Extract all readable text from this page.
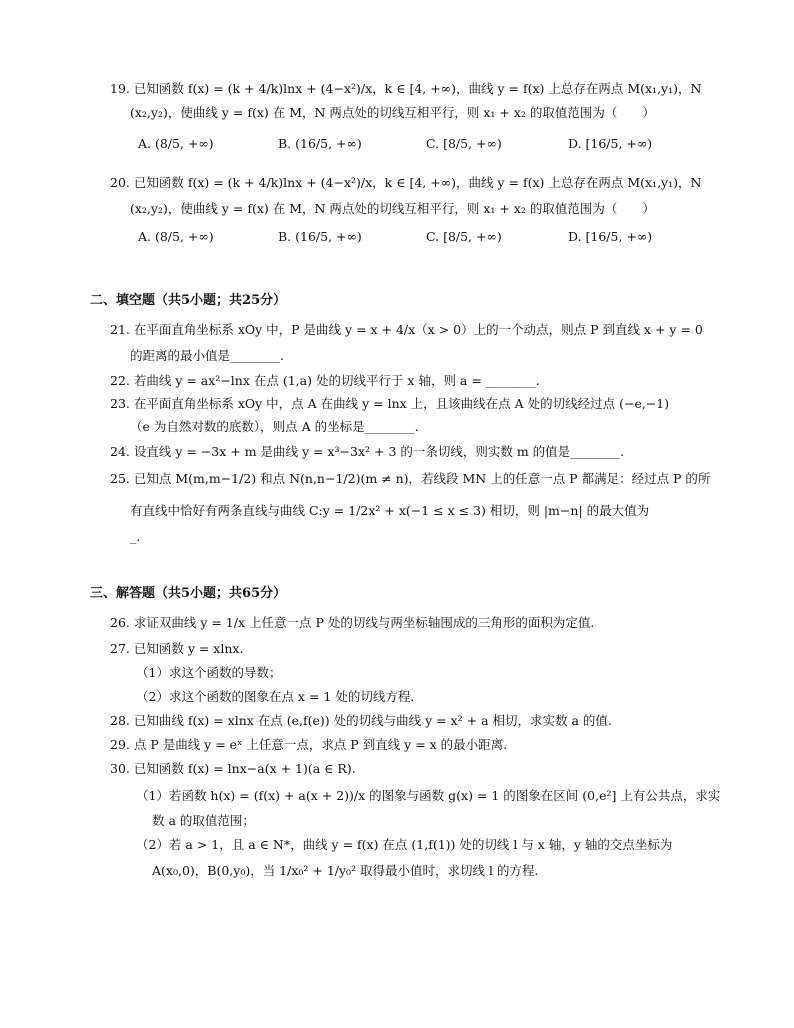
19. 已知函数 f(x) = (k + 4/k)lnx + (4−x²)/x，k ∈ [4, +∞)，曲线 y = f(x) 上总存在两点 M(x₁,y₁)，N
(x₂,y₂)，使曲线 y = f(x) 在 M，N 两点处的切线互相平行，则 x₁ + x₂ 的取值范围为（　　）
A. (8/5, +∞)	B. (16/5, +∞)	C. [8/5, +∞)	D. [16/5, +∞)
20. 已知函数 f(x) = (k + 4/k)lnx + (4−x²)/x，k ∈ [4, +∞)，曲线 y = f(x) 上总存在两点 M(x₁,y₁)，N
(x₂,y₂)，使曲线 y = f(x) 在 M，N 两点处的切线互相平行，则 x₁ + x₂ 的取值范围为（　　）
A. (8/5, +∞)	B. (16/5, +∞)	C. [8/5, +∞)	D. [16/5, +∞)
二、填空题（共5小题；共25分）
21. 在平面直角坐标系 xOy 中，P 是曲线 y = x + 4/x（x > 0）上的一个动点，则点 P 到直线 x + y = 0
的距离的最小值是________.
22. 若曲线 y = ax²−lnx 在点 (1,a) 处的切线平行于 x 轴，则 a = ________.
23. 在平面直角坐标系 xOy 中，点 A 在曲线 y = lnx 上，且该曲线在点 A 处的切线经过点 (−e,−1)
（e 为自然对数的底数），则点 A 的坐标是________.
24. 设直线 y = −3x + m 是曲线 y = x³−3x² + 3 的一条切线，则实数 m 的值是________.
25. 已知点 M(m,m−1/2) 和点 N(n,n−1/2)(m ≠ n)，若线段 MN 上的任意一点 P 都满足：经过点 P 的所
有直线中恰好有两条直线与曲线 C:y = 1/2x² + x(−1 ≤ x ≤ 3) 相切，则 |m−n| 的最大值为
_.
三、解答题（共5小题；共65分）
26. 求证双曲线 y = 1/x 上任意一点 P 处的切线与两坐标轴围成的三角形的面积为定值.
27. 已知函数 y = xlnx.
（1）求这个函数的导数；
（2）求这个函数的图象在点 x = 1 处的切线方程.
28. 已知曲线 f(x) = xlnx 在点 (e,f(e)) 处的切线与曲线 y = x² + a 相切，求实数 a 的值.
29. 点 P 是曲线 y = eˣ 上任意一点，求点 P 到直线 y = x 的最小距离.
30. 已知函数 f(x) = lnx−a(x + 1)(a ∈ R).
（1）若函数 h(x) = (f(x) + a(x + 2))/x 的图象与函数 g(x) = 1 的图象在区间 (0,e²] 上有公共点，求实
数 a 的取值范围；
（2）若 a > 1，且 a ∈ N*，曲线 y = f(x) 在点 (1,f(1)) 处的切线 l 与 x 轴，y 轴的交点坐标为
A(x₀,0)，B(0,y₀)，当 1/x₀² + 1/y₀² 取得最小值时，求切线 l 的方程.
